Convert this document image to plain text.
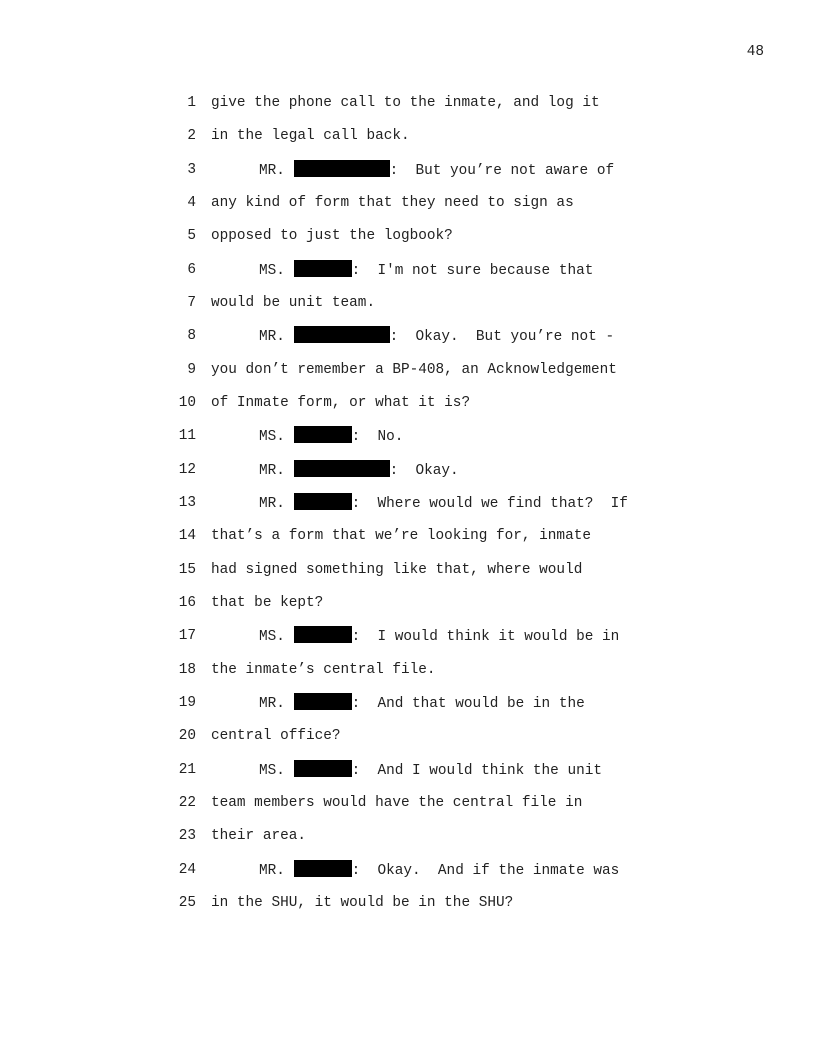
48
1 give the phone call to the inmate, and log it
2 in the legal call back.
3	MR.	:  But you’re not aware of
4 any kind of form that they need to sign as
5 opposed to just the logbook?
6	MS.	:  I'm not sure because that
7 would be unit team.
8	MR.	:  Okay.  But you’re not -
9 you don’t remember a BP-408, an Acknowledgement
10 of Inmate form, or what it is?
11	MS.	:  No.
12	MR.	:  Okay.
13	MR.	:  Where would we find that?  If
14 that’s a form that we’re looking for, inmate
15 had signed something like that, where would
16 that be kept?
17	MS.	:  I would think it would be in
18 the inmate’s central file.
19	MR.	:  And that would be in the
20 central office?
21	MS.	:  And I would think the unit
22 team members would have the central file in
23 their area.
24	MR.	:  Okay.  And if the inmate was
25 in the SHU, it would be in the SHU?
